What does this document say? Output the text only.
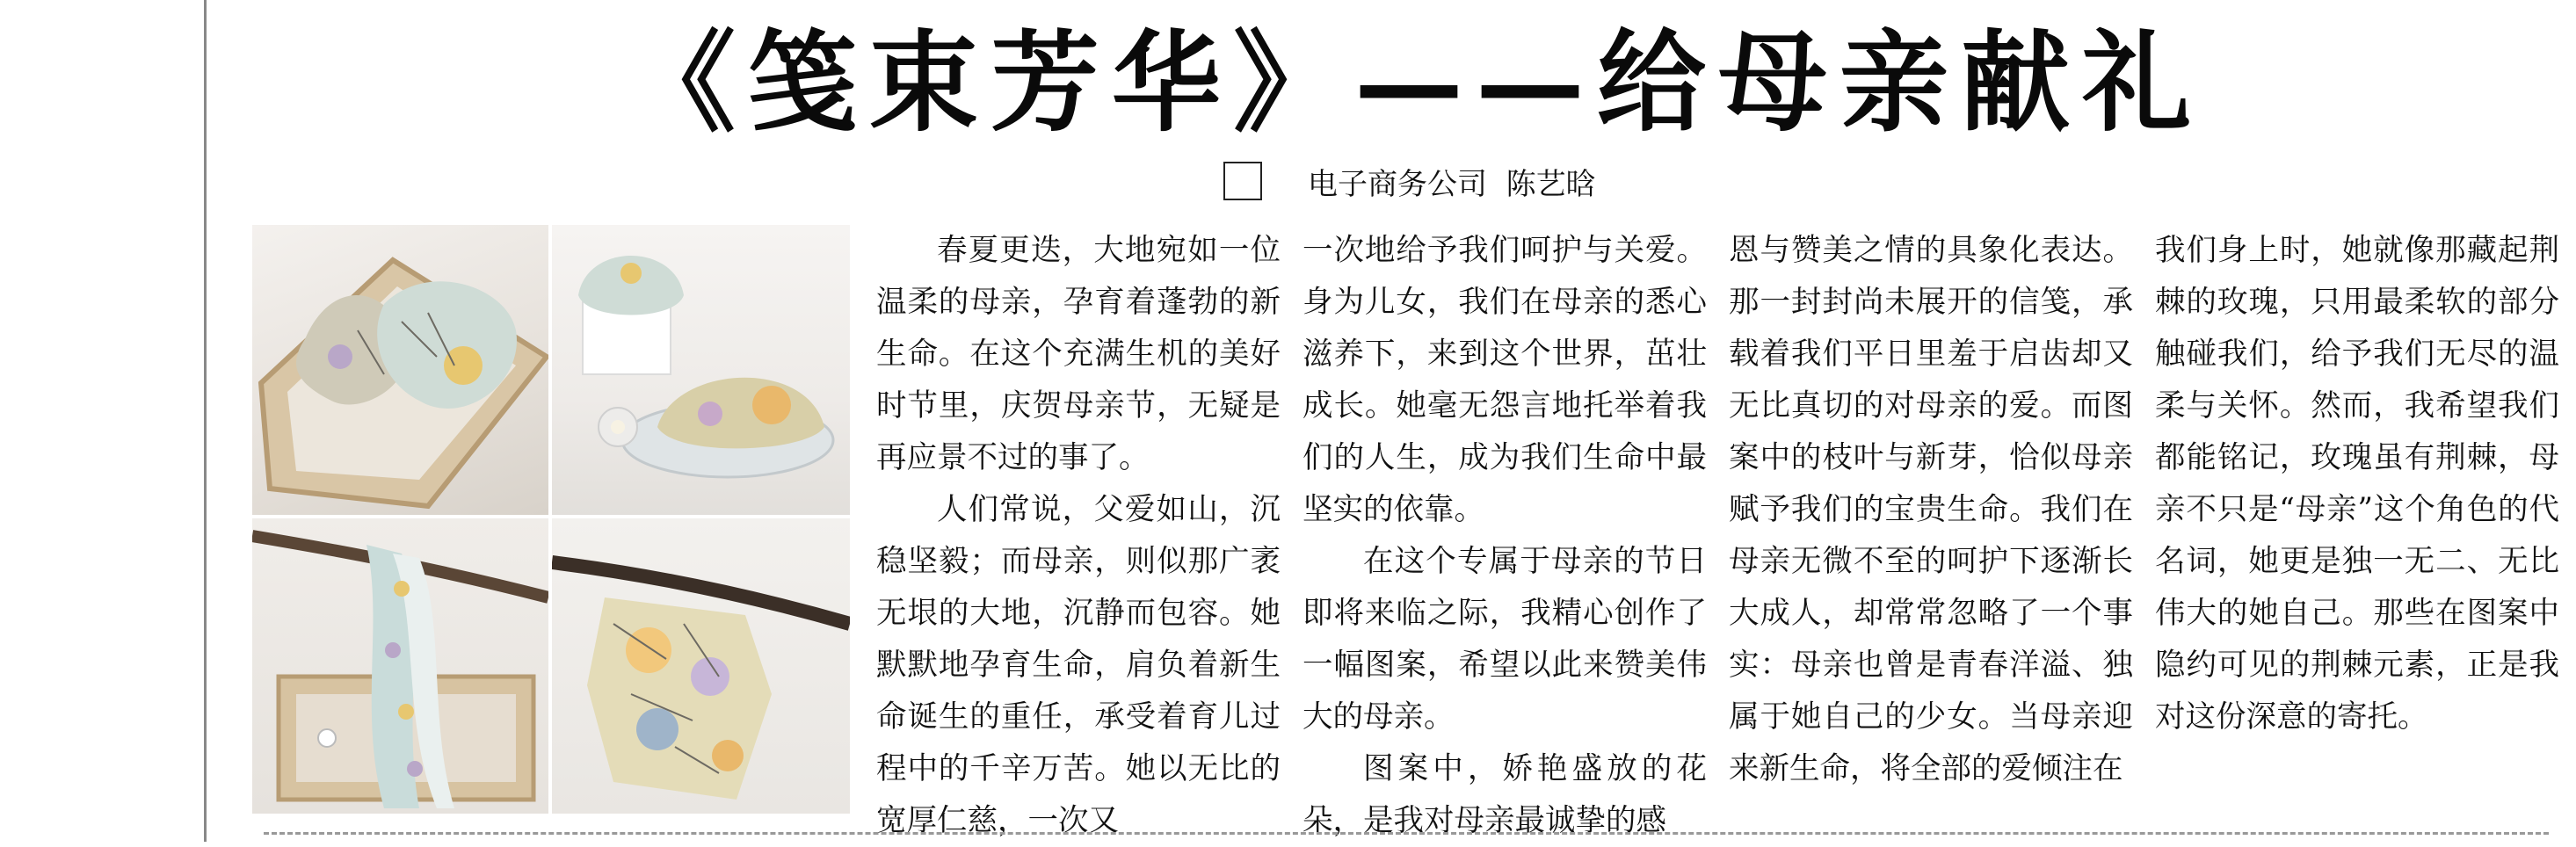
《笺束芳华》——给母亲献礼
电子商务公司  陈艺晗

春夏更迭，大地宛如一位温柔的母亲，孕育着蓬勃的新生命。在这个充满生机的美好时节里，庆贺母亲节，无疑是再应景不过的事了。

人们常说，父爱如山，沉稳坚毅；而母亲，则似那广袤无垠的大地，沉静而包容。她默默地孕育生命，肩负着新生命诞生的重任，承受着育儿过程中的千辛万苦。她以无比的宽厚仁慈，一次又

一次地给予我们呵护与关爱。身为儿女，我们在母亲的悉心滋养下，来到这个世界，茁壮成长。她毫无怨言地托举着我们的人生，成为我们生命中最坚实的依靠。

在这个专属于母亲的节日即将来临之际，我精心创作了一幅图案，希望以此来赞美伟大的母亲。

图案中，娇艳盛放的花朵，是我对母亲最诚挚的感

恩与赞美之情的具象化表达。那一封封尚未展开的信笺，承载着我们平日里羞于启齿却又无比真切的对母亲的爱。而图案中的枝叶与新芽，恰似母亲赋予我们的宝贵生命。我们在母亲无微不至的呵护下逐渐长大成人，却常常忽略了一个事实：母亲也曾是青春洋溢、独属于她自己的少女。当母亲迎来新生命，将全部的爱倾注在

我们身上时，她就像那藏起荆棘的玫瑰，只用最柔软的部分触碰我们，给予我们无尽的温柔与关怀。然而，我希望我们都能铭记，玫瑰虽有荆棘，母亲不只是“母亲”这个角色的代名词，她更是独一无二、无比伟大的她自己。那些在图案中隐约可见的荆棘元素，正是我对这份深意的寄托。
